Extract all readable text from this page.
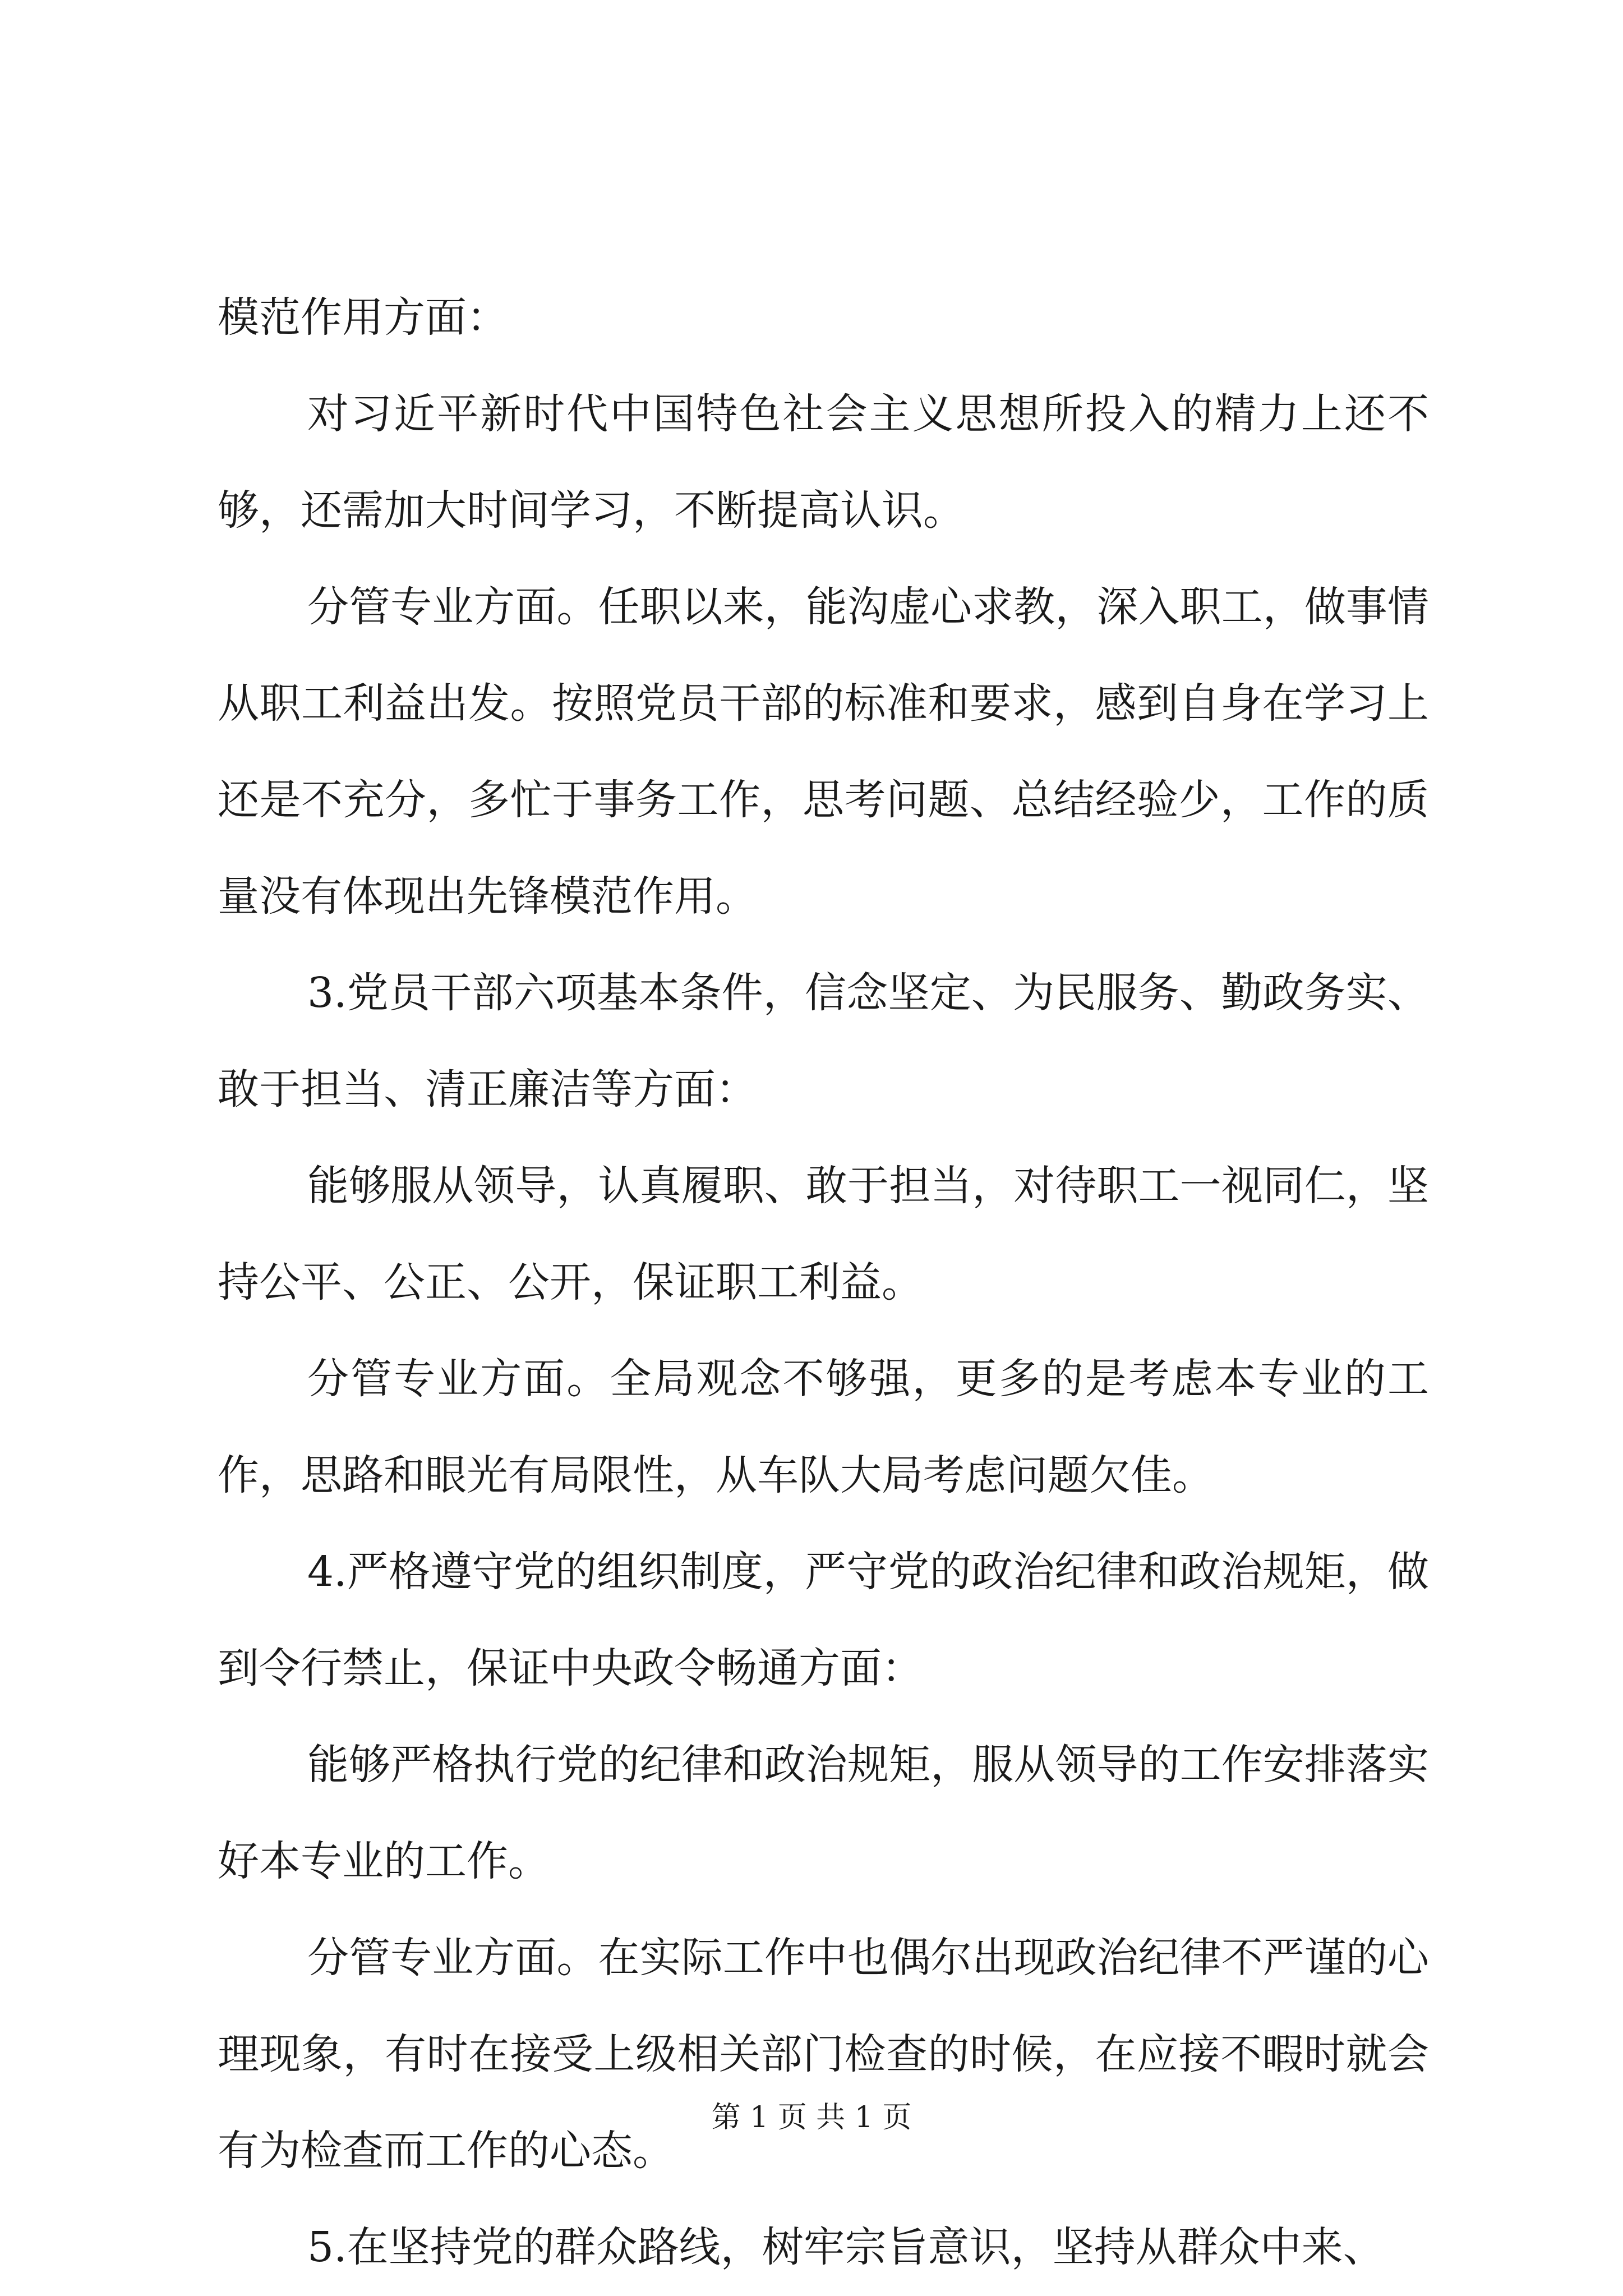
模范作用方面：

对习近平新时代中国特色社会主义思想所投入的精力上还不够，还需加大时间学习，不断提高认识。

分管专业方面。任职以来，能沟虚心求教，深入职工，做事情从职工利益出发。按照党员干部的标准和要求，感到自身在学习上还是不充分，多忙于事务工作，思考问题、总结经验少，工作的质量没有体现出先锋模范作用。

3.党员干部六项基本条件，信念坚定、为民服务、勤政务实、敢于担当、清正廉洁等方面：

能够服从领导，认真履职、敢于担当，对待职工一视同仁，坚持公平、公正、公开，保证职工利益。

分管专业方面。全局观念不够强，更多的是考虑本专业的工作，思路和眼光有局限性，从车队大局考虑问题欠佳。

4.严格遵守党的组织制度，严守党的政治纪律和政治规矩，做到令行禁止，保证中央政令畅通方面：

能够严格执行党的纪律和政治规矩，服从领导的工作安排落实好本专业的工作。

分管专业方面。在实际工作中也偶尔出现政治纪律不严谨的心理现象，有时在接受上级相关部门检查的时候，在应接不暇时就会有为检查而工作的心态。

5.在坚持党的群众路线，树牢宗旨意识，坚持从群众中来、

第 1 页 共 1 页
